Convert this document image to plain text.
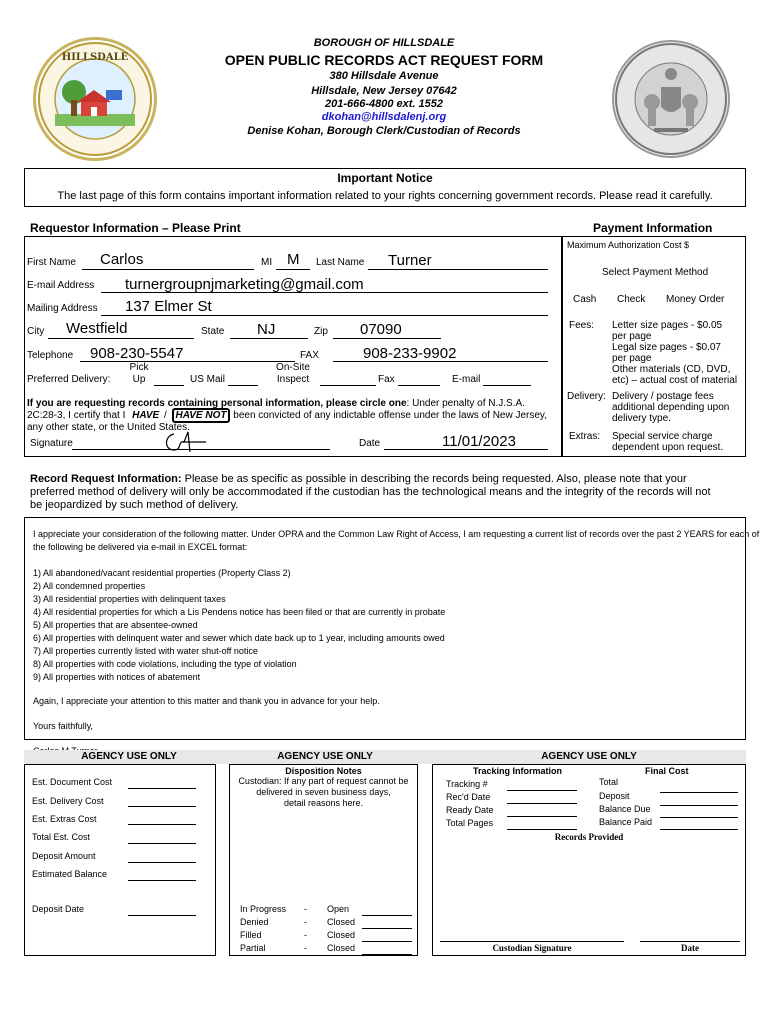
HILLSDALE
BOROUGH OF HILLSDALE
OPEN PUBLIC RECORDS ACT REQUEST FORM
380 Hillsdale Avenue
Hillsdale, New Jersey 07642
201-666-4800 ext. 1552
dkohan@hillsdalenj.org
Denise Kohan, Borough Clerk/Custodian of Records
Important Notice
The last page of this form contains important information related to your rights concerning government records. Please read it carefully.
Requestor Information – Please Print
First Name Carlos	MI M Last Name Turner
E-mail Address turnergroupnjmarketing@gmail.com
Mailing Address 137 Elmer St
City Westfield	State NJ	Zip 07090
Telephone 908-230-5547	FAX	908-233-9902
Preferred Delivery:
Pick
Up	US Mail
On-Site
Inspect	Fax	E-mail
If you are requesting records containing personal information, please circle one: Under penalty of N.J.S.A.
2C:28-3, I certify that I HAVE / HAVE NOT been convicted of any indictable offense under the laws of New Jersey,
any other state, or the United States.
Signature	Date	11/01/2023
Payment Information
Maximum Authorization Cost $
Select Payment Method
Cash Check Money Order
Fees: Letter size pages - $0.05
per page
Legal size pages - $0.07
per page
Other materials (CD, DVD,
etc) – actual cost of material
Delivery: Delivery / postage fees
additional depending upon
delivery type.
Extras: Special service charge
dependent upon request.
Record Request Information: Please be as specific as possible in describing the records being requested. Also, please note that your
preferred method of delivery will only be accommodated if the custodian has the technological means and the integrity of the records will not
be jeopardized by such method of delivery.
I appreciate your consideration of the following matter. Under OPRA and the Common Law Right of Access, I am requesting a current list of records over the past 2 YEARS for each of
the following be delivered via e-mail in EXCEL format:
1) All abandoned/vacant residential properties (Property Class 2)
2) All condemned properties
3) All residential properties with delinquent taxes
4) All residential properties for which a Lis Pendens notice has been filed or that are currently in probate
5) All properties that are absentee-owned
6) All properties with delinquent water and sewer which date back up to 1 year, including amounts owed
7) All properties currently listed with water shut-off notice
8) All properties with code violations, including the type of violation
9) All properties with notices of abatement
Again, I appreciate your attention to this matter and thank you in advance for your help.
Yours faithfully,
AGENCY USE ONLY	AGENCY USE ONLY	AGENCY USE ONLY
Est. Document Cost
Est. Delivery Cost
Est. Extras Cost
Total Est. Cost
Deposit Amount
Estimated Balance
Deposit Date
Disposition Notes
Custodian: If any part of request cannot be
delivered in seven business days,
detail reasons here.
In Progress - Open
Denied	- Closed
Filled	- Closed
Partial	- Closed
Tracking Information	Final Cost
Tracking #
Rec'd Date
Ready Date
Total Pages
Total
Deposit
Balance Due
Balance Paid
Records Provided
Custodian Signature	Date
